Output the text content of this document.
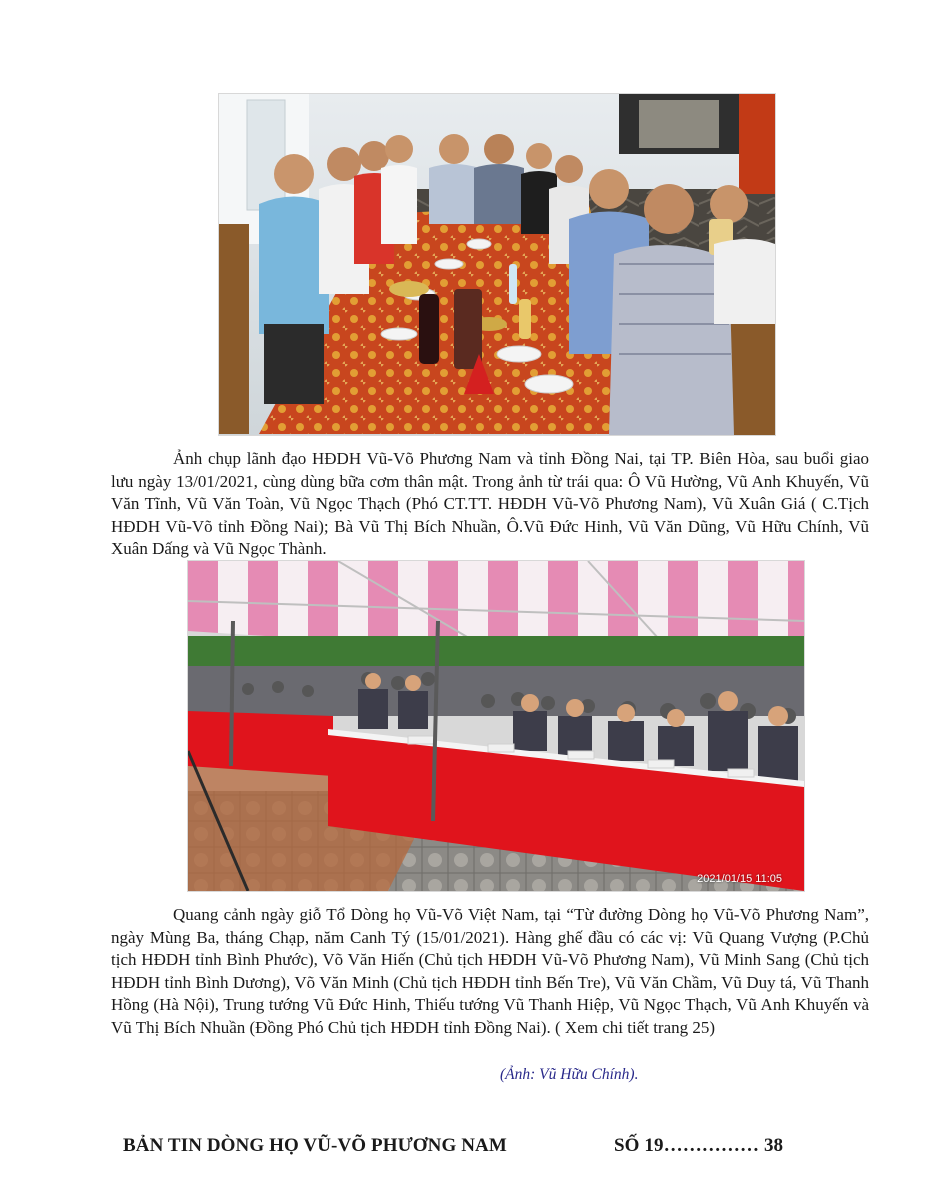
Ảnh chụp lãnh đạo HĐDH Vũ-Võ Phương Nam và tỉnh Đồng Nai, tại TP. Biên Hòa, sau buổi giao lưu ngày 13/01/2021, cùng dùng bữa cơm thân mật. Trong ảnh từ trái qua: Ô Vũ Hường, Vũ Anh Khuyến, Vũ Văn Tĩnh, Vũ Văn Toàn, Vũ Ngọc Thạch (Phó CT.TT. HĐDH Vũ-Võ Phương Nam), Vũ Xuân Giá ( C.Tịch HĐDH Vũ-Võ tỉnh Đồng Nai); Bà Vũ Thị Bích Nhuần, Ô.Vũ Đức Hinh, Vũ Văn Dũng, Vũ Hữu Chính, Vũ Xuân Dấng và Vũ Ngọc Thành.

2021/01/15 11:05

Quang cảnh ngày giỗ Tổ Dòng họ Vũ-Võ Việt Nam, tại “Từ đường Dòng họ Vũ-Võ Phương Nam”, ngày Mùng Ba, tháng Chạp, năm Canh Tý (15/01/2021). Hàng ghế đầu có các vị: Vũ Quang Vượng (P.Chủ tịch HĐDH tỉnh Bình Phước), Võ Văn Hiến (Chủ tịch HĐDH Vũ-Võ Phương Nam), Vũ Minh Sang (Chủ tịch HĐDH tỉnh Bình Dương), Võ Văn Minh (Chủ tịch HĐDH tỉnh Bến Tre), Vũ Văn Chầm, Vũ Duy tá, Vũ Thanh Hồng (Hà Nội), Trung tướng Vũ Đức Hinh, Thiếu tướng Vũ Thanh Hiệp, Vũ Ngọc Thạch, Vũ Anh Khuyến và Vũ Thị Bích Nhuần (Đồng Phó Chủ tịch HĐDH tỉnh Đồng Nai). ( Xem chi tiết trang 25)

(Ảnh: Vũ Hữu Chính).
BẢN TIN DÒNG HỌ VŨ-VÕ PHƯƠNG NAM	SỐ 19…………… 38
